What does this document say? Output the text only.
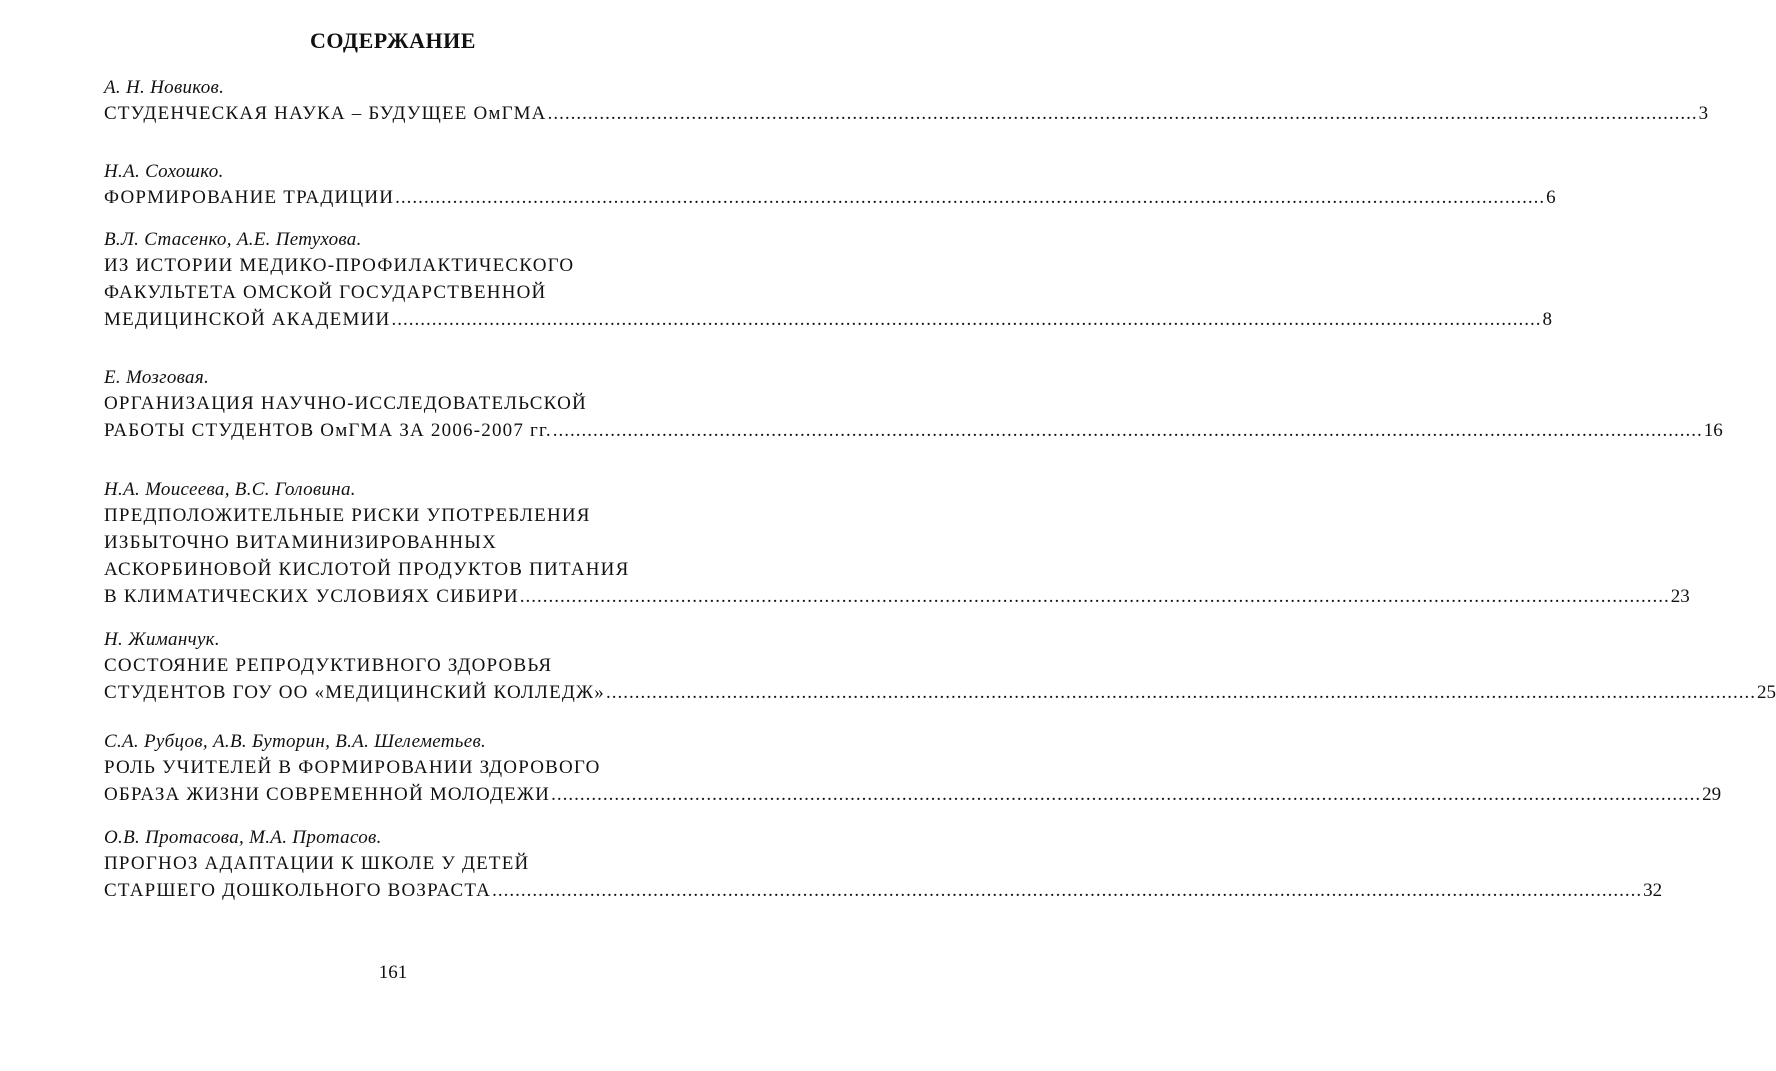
СОДЕРЖАНИЕ
А. Н. Новиков.
СТУДЕНЧЕСКАЯ НАУКА – БУДУЩЕЕ ОмГМА ........................................................................................................................................................................................................ 3
Н.А. Сохошко.
ФОРМИРОВАНИЕ ТРАДИЦИИ ........................................................................................................................................................................................................ 6
В.Л. Стасенко, А.Е. Петухова.
ИЗ ИСТОРИИ МЕДИКО-ПРОФИЛАКТИЧЕСКОГО
ФАКУЛЬТЕТА ОМСКОЙ ГОСУДАРСТВЕННОЙ
МЕДИЦИНСКОЙ АКАДЕМИИ ........................................................................................................................................................................................................ 8
Е. Мозговая.
ОРГАНИЗАЦИЯ НАУЧНО-ИССЛЕДОВАТЕЛЬСКОЙ
РАБОТЫ СТУДЕНТОВ ОмГМА ЗА 2006-2007 гг. ........................................................................................................................................................................................................ 16
Н.А. Моисеева, В.С. Головина.
ПРЕДПОЛОЖИТЕЛЬНЫЕ РИСКИ УПОТРЕБЛЕНИЯ
ИЗБЫТОЧНО ВИТАМИНИЗИРОВАННЫХ
АСКОРБИНОВОЙ КИСЛОТОЙ ПРОДУКТОВ ПИТАНИЯ
В КЛИМАТИЧЕСКИХ УСЛОВИЯХ СИБИРИ ........................................................................................................................................................................................................ 23
Н. Жиманчук.
СОСТОЯНИЕ РЕПРОДУКТИВНОГО ЗДОРОВЬЯ
СТУДЕНТОВ ГОУ ОО «МЕДИЦИНСКИЙ КОЛЛЕДЖ» ........................................................................................................................................................................................................ 25
С.А. Рубцов, А.В. Буторин, В.А. Шелеметьев.
РОЛЬ УЧИТЕЛЕЙ В ФОРМИРОВАНИИ ЗДОРОВОГО
ОБРАЗА ЖИЗНИ СОВРЕМЕННОЙ МОЛОДЕЖИ ........................................................................................................................................................................................................ 29
О.В. Протасова, М.А. Протасов.
ПРОГНОЗ АДАПТАЦИИ К ШКОЛЕ У ДЕТЕЙ
СТАРШЕГО ДОШКОЛЬНОГО ВОЗРАСТА ........................................................................................................................................................................................................ 32
161
